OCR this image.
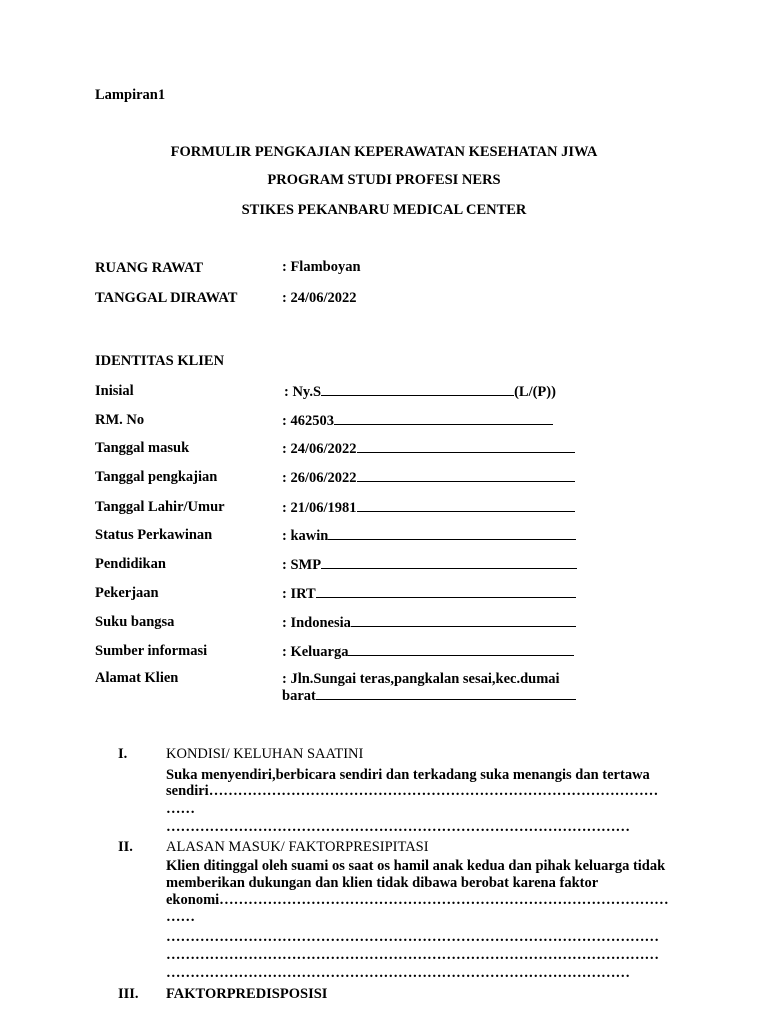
Lampiran1
FORMULIR PENGKAJIAN KEPERAWATAN KESEHATAN JIWA
PROGRAM STUDI PROFESI NERS
STIKES PEKANBARU MEDICAL CENTER
RUANG RAWAT	: Flamboyan
TANGGAL DIRAWAT	: 24/06/2022
IDENTITAS KLIEN
Inisial	: Ny.S	(L/(P))
RM. No	: 462503
Tanggal masuk	: 24/06/2022
Tanggal pengkajian	: 26/06/2022
Tanggal Lahir/Umur	: 21/06/1981
Status Perkawinan	: kawin
Pendidikan	: SMP
Pekerjaan	: IRT
Suku bangsa	: Indonesia
Sumber informasi	: Keluarga
Alamat Klien	: Jln.Sungai teras,pangkalan sesai,kec.dumai
barat
I.	KONDISI/ KELUHAN SAATINI
Suka menyendiri,berbicara sendiri dan terkadang suka menangis dan tertawa
sendiri…………………………………………………………………………………
……
……………………………………………………………………………………
II. ALASAN MASUK/ FAKTORPRESIPITASI
Klien ditinggal oleh suami os saat os hamil anak kedua dan pihak keluarga tidak
memberikan dukungan dan klien tidak dibawa berobat karena faktor
ekonomi…………………………………………………………………………………
……
…………………………………………………………………………………………
…………………………………………………………………………………………
……………………………………………………………………………………
III. FAKTORPREDISPOSISI
